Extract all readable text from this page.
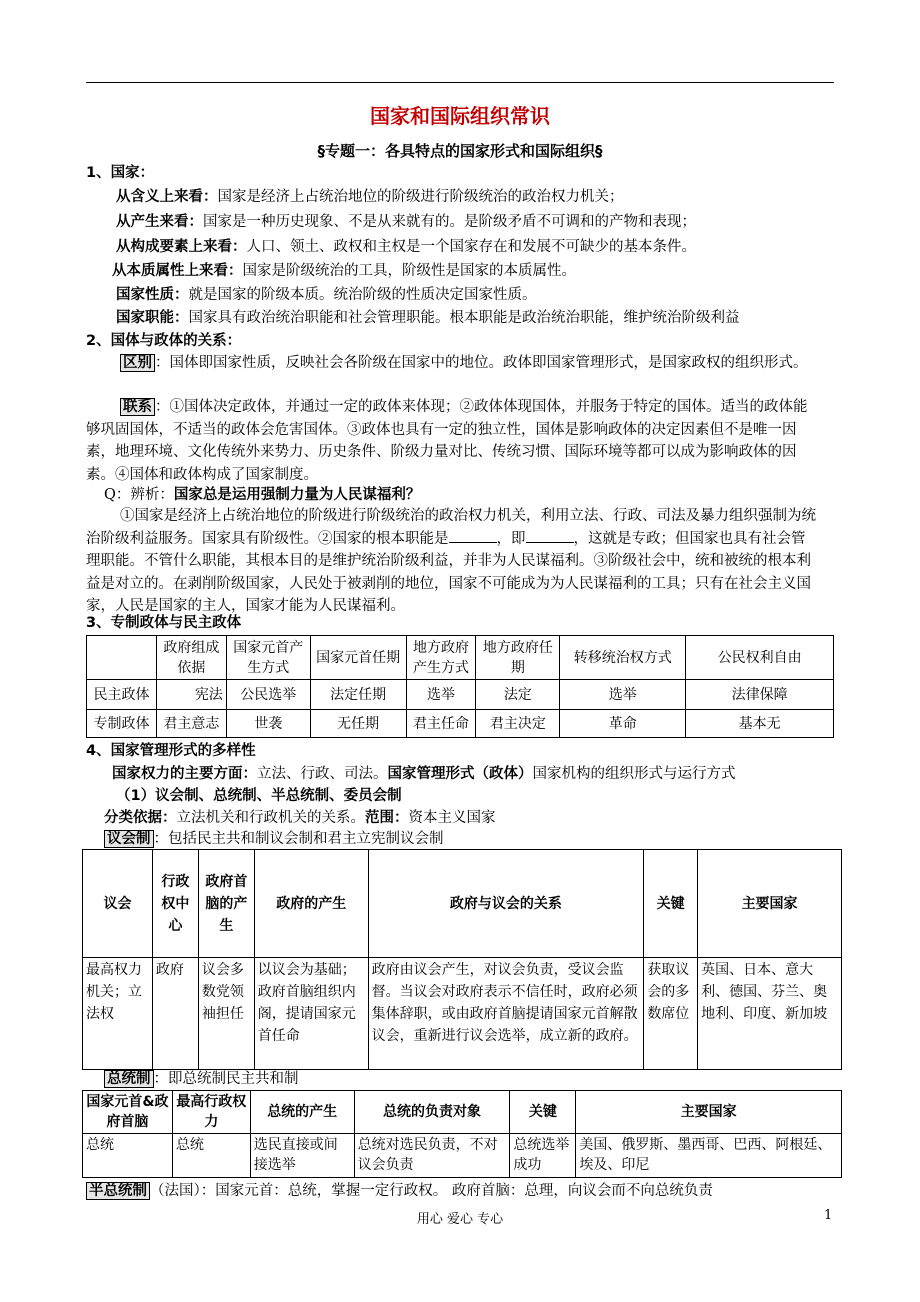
国家和国际组织常识
§专题一：各具特点的国家形式和国际组织§
1、国家：
从含义上来看：国家是经济上占统治地位的阶级进行阶级统治的政治权力机关；
从产生来看：国家是一种历史现象、不是从来就有的。是阶级矛盾不可调和的产物和表现；
从构成要素上来看：人口、领土、政权和主权是一个国家存在和发展不可缺少的基本条件。
从本质属性上来看：国家是阶级统治的工具，阶级性是国家的本质属性。
国家性质：就是国家的阶级本质。统治阶级的性质决定国家性质。
国家职能：国家具有政治统治职能和社会管理职能。根本职能是政治统治职能，维护统治阶级利益
2、国体与政体的关系：
区别 ：国体即国家性质，反映社会各阶级在国家中的地位。政体即国家管理形式，是国家政权的组织形式。
联系 ：①国体决定政体，并通过一定的政体来体现；②政体体现国体，并服务于特定的国体。适当的政体能够巩固国体，不适当的政体会危害国体。③政体也具有一定的独立性，国体是影响政体的决定因素但不是唯一因素，地理环境、文化传统外来势力、历史条件、阶级力量对比、传统习惯、国际环境等都可以成为影响政体的因素。④国体和政体构成了国家制度。
Q：辨析：国家总是运用强制力量为人民谋福利？
①国家是经济上占统治地位的阶级进行阶级统治的政治权力机关，利用立法、行政、司法及暴力组织强制为统治阶级利益服务。国家具有阶级性。②国家的根本职能是	，即	，这就是专政；但国家也具有社会管理职能。不管什么职能，其根本目的是维护统治阶级利益，并非为人民谋福利。③阶级社会中，统和被统的根本利益是对立的。在剥削阶级国家，人民处于被剥削的地位，国家不可能成为为人民谋福利的工具；只有在社会主义国家，人民是国家的主人，国家才能为人民谋福利。
3、专制政体与民主政体
	政府组成依据	国家元首产生方式	国家元首任期	地方政府产生方式	地方政府任期	转移统治权方式	公民权利自由
民主政体	宪法	公民选举	法定任期	选举	法定	选举	法律保障
专制政体	君主意志	世袭	无任期	君主任命	君主决定	革命	基本无
4、国家管理形式的多样性
国家权力的主要方面：立法、行政、司法。国家管理形式（政体）国家机构的组织形式与运行方式
（1）议会制、总统制、半总统制、委员会制
分类依据：立法机关和行政机关的关系。范围：资本主义国家
议会制 ：包括民主共和制议会制和君主立宪制议会制
议会	行政权中心	政府首脑的产生	政府的产生	政府与议会的关系	关键	主要国家
最高权力机关；立法权	政府	议会多数党领袖担任	以议会为基础；政府首脑组织内阁，提请国家元首任命	政府由议会产生，对议会负责，受议会监督。当议会对政府表示不信任时，政府必须集体辞职，或由政府首脑提请国家元首解散议会，重新进行议会选举，成立新的政府。	获取议会的多数席位	英国、日本、意大利、德国、芬兰、奥地利、印度、新加坡
总统制 ：即总统制民主共和制
国家元首&政府首脑	最高行政权力	总统的产生	总统的负责对象	关键	主要国家
总统	总统	选民直接或间接选举	总统对选民负责，不对议会负责	总统选举成功	美国、俄罗斯、墨西哥、巴西、阿根廷、埃及、印尼
半总统制 （法国）：国家元首：总统，掌握一定行政权。 政府首脑：总理，向议会而不向总统负责
用心 爱心 专心	1
